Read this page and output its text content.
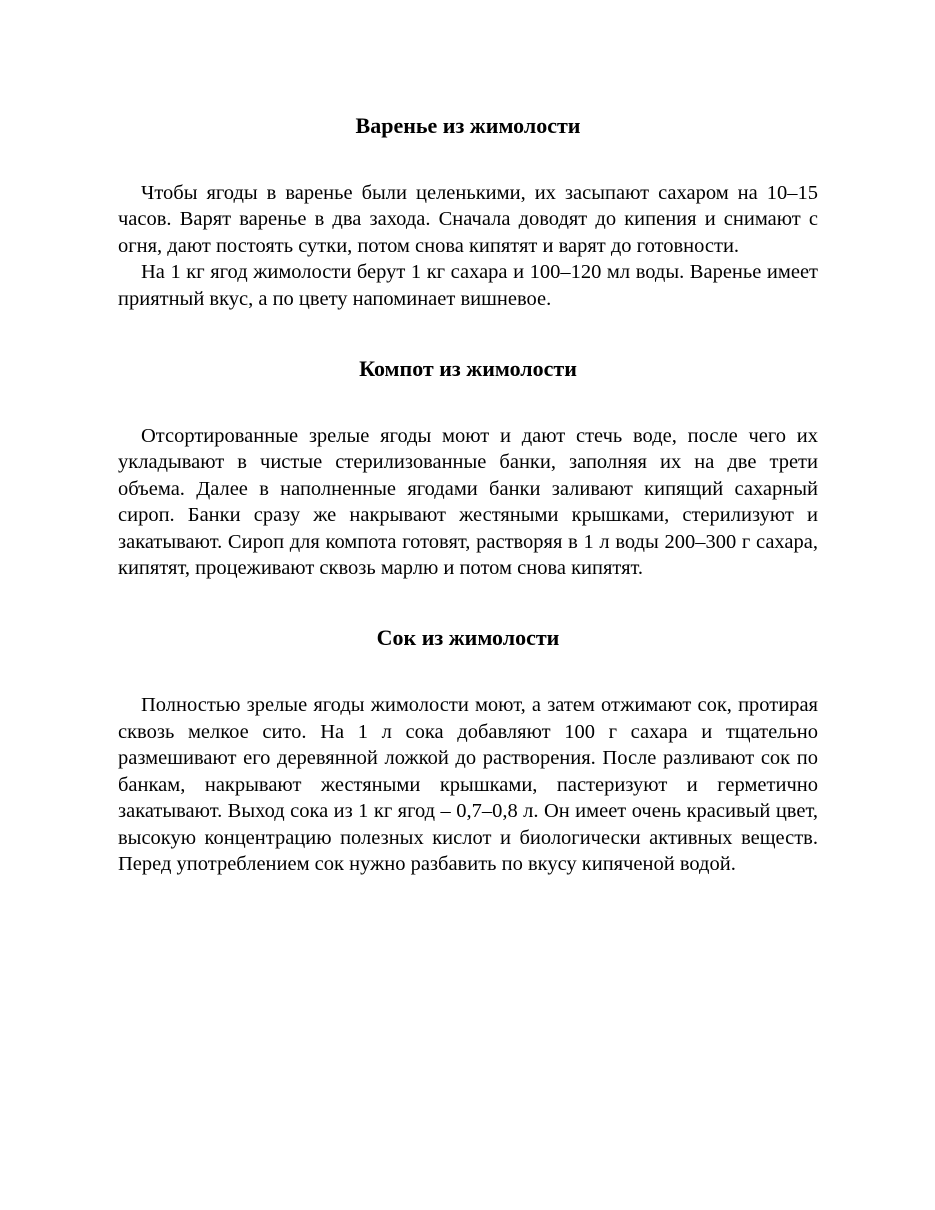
Варенье из жимолости

Чтобы ягоды в варенье были целенькими, их засыпают сахаром на 10–15 часов. Варят варенье в два захода. Сначала доводят до кипения и снимают с огня, дают постоять сутки, потом снова кипятят и варят до готовности.

На 1 кг ягод жимолости берут 1 кг сахара и 100–120 мл воды. Варенье имеет приятный вкус, а по цвету напоминает вишневое.

Компот из жимолости

Отсортированные зрелые ягоды моют и дают стечь воде, после чего их укладывают в чистые стерилизованные банки, заполняя их на две трети объема. Далее в наполненные ягодами банки заливают кипящий сахарный сироп. Банки сразу же накрывают жестяными крышками, стерилизуют и закатывают. Сироп для компота готовят, растворяя в 1 л воды 200–300 г сахара, кипятят, процеживают сквозь марлю и потом снова кипятят.

Сок из жимолости

Полностью зрелые ягоды жимолости моют, а затем отжимают сок, протирая сквозь мелкое сито. На 1 л сока добавляют 100 г сахара и тщательно размешивают его деревянной ложкой до растворения. После разливают сок по банкам, накрывают жестяными крышками, пастеризуют и герметично закатывают. Выход сока из 1 кг ягод – 0,7–0,8 л. Он имеет очень красивый цвет, высокую концентрацию полезных кислот и биологически активных веществ. Перед употреблением сок нужно разбавить по вкусу кипяченой водой.
